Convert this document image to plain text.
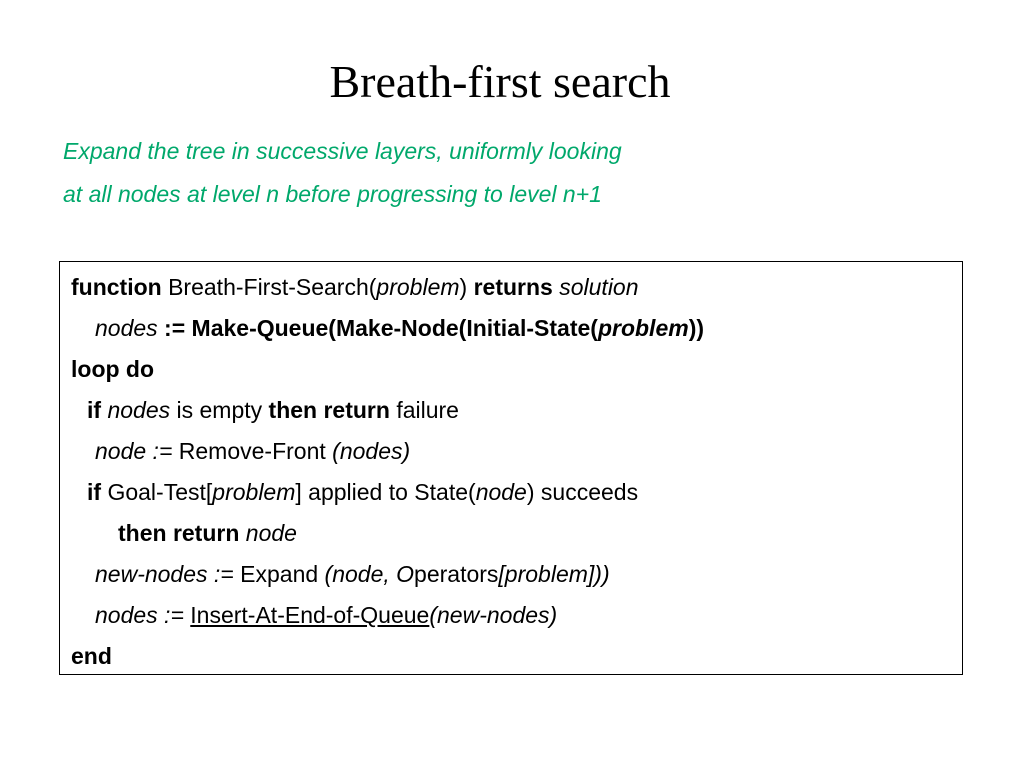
Breath-first search
Expand the tree in successive layers, uniformly looking
at all nodes at level n before progressing to level n+1
function Breath-First-Search(problem) returns solution
nodes := Make-Queue(Make-Node(Initial-State(problem))
loop do
if nodes is empty then return failure
node := Remove-Front (nodes)
if Goal-Test[problem] applied to State(node) succeeds
then return node
new-nodes := Expand (node, Operators[problem]))
nodes := Insert-At-End-of-Queue(new-nodes)
end
